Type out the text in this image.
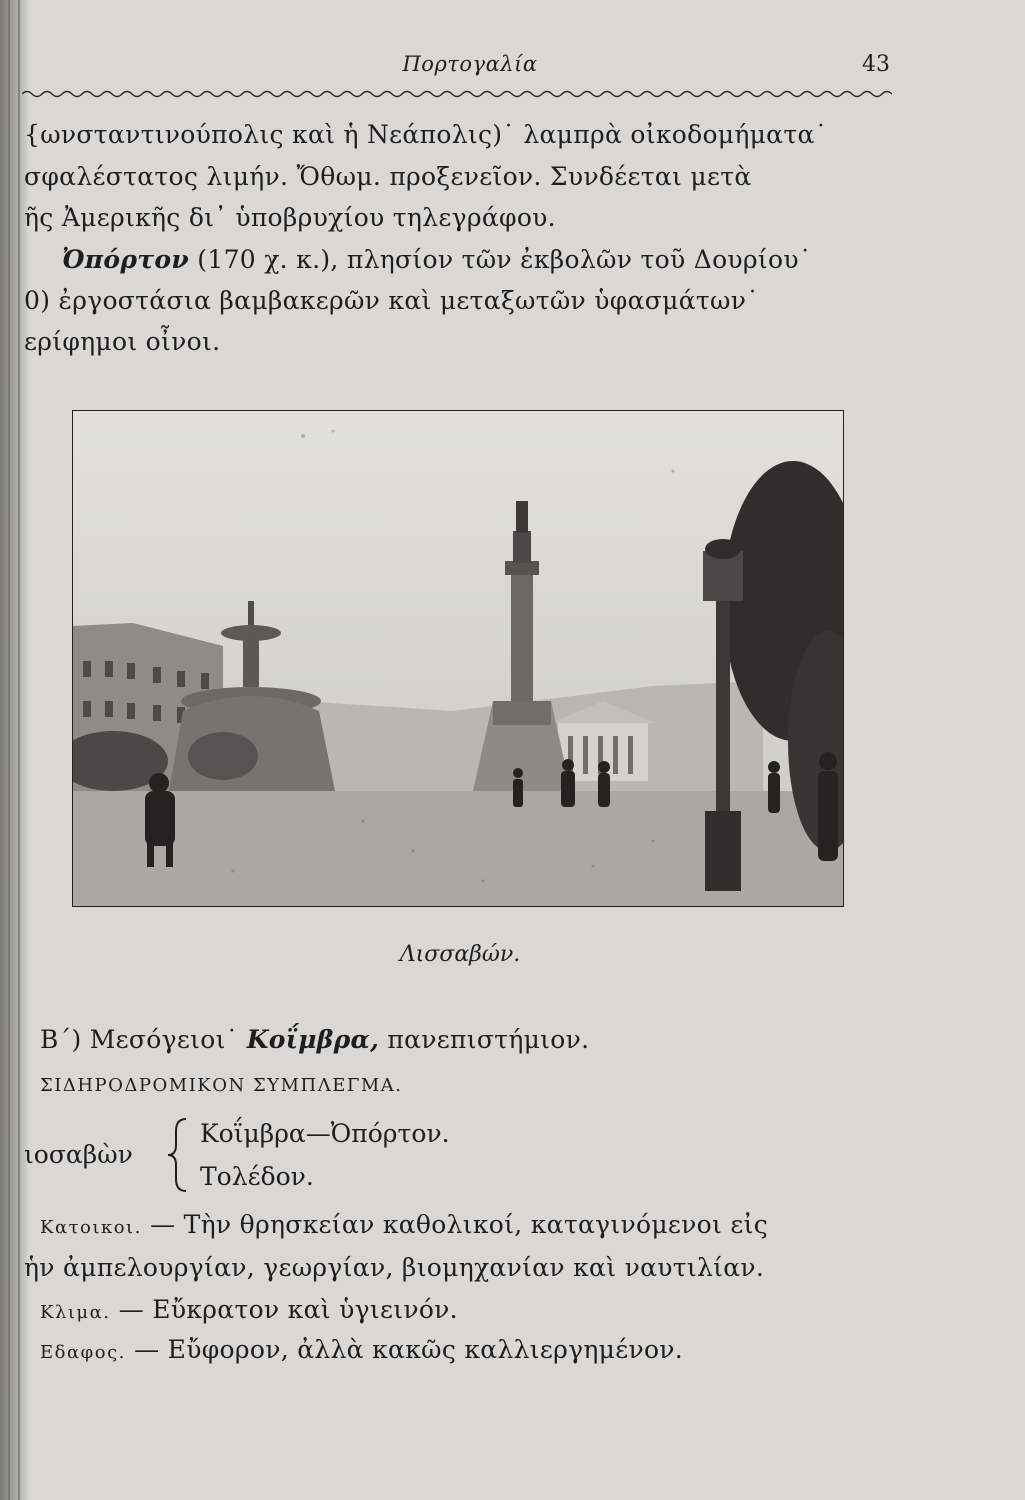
Πορτογαλία	43
{ωνσταντινούπολις καὶ ἡ Νεάπολις)˙ λαμπρὰ οἰκοδομήματα˙
σφαλέστατος λιμήν. Ὄθωμ. προξενεῖον. Συνδέεται μετὰ
ῆς Ἀμερικῆς δι᾿ ὑποβρυχίου τηλεγράφου.
Ὀπόρτον (170 χ. κ.), πλησίον τῶν ἐκβολῶν τοῦ Δουρίου˙
0) ἐργοστάσια βαμβακερῶν καὶ μεταξωτῶν ὑφασμάτων˙
ερίφημοι οἶνοι.
Λισσαβών.
Β΄) Μεσόγειοι˙ Κοΐμβρα, πανεπιστήμιον.
ΣΙΔΗΡΟΔΡΟΜΙΚΟΝ ΣΥΜΠΛΕΓΜΑ.
ιοσαβὼν
Κοΐμβρα—Ὀπόρτον.
Τολέδον.
Κατοικοι. — Τὴν θρησκείαν καθολικοί, καταγινόμενοι εἰς
ἡν ἀμπελουργίαν, γεωργίαν, βιομηχανίαν καὶ ναυτιλίαν.
Κλιμα. — Εὔκρατον καὶ ὑγιεινόν.
Εδαφος. — Εὔφορον, ἀλλὰ κακῶς καλλιεργημένον.
